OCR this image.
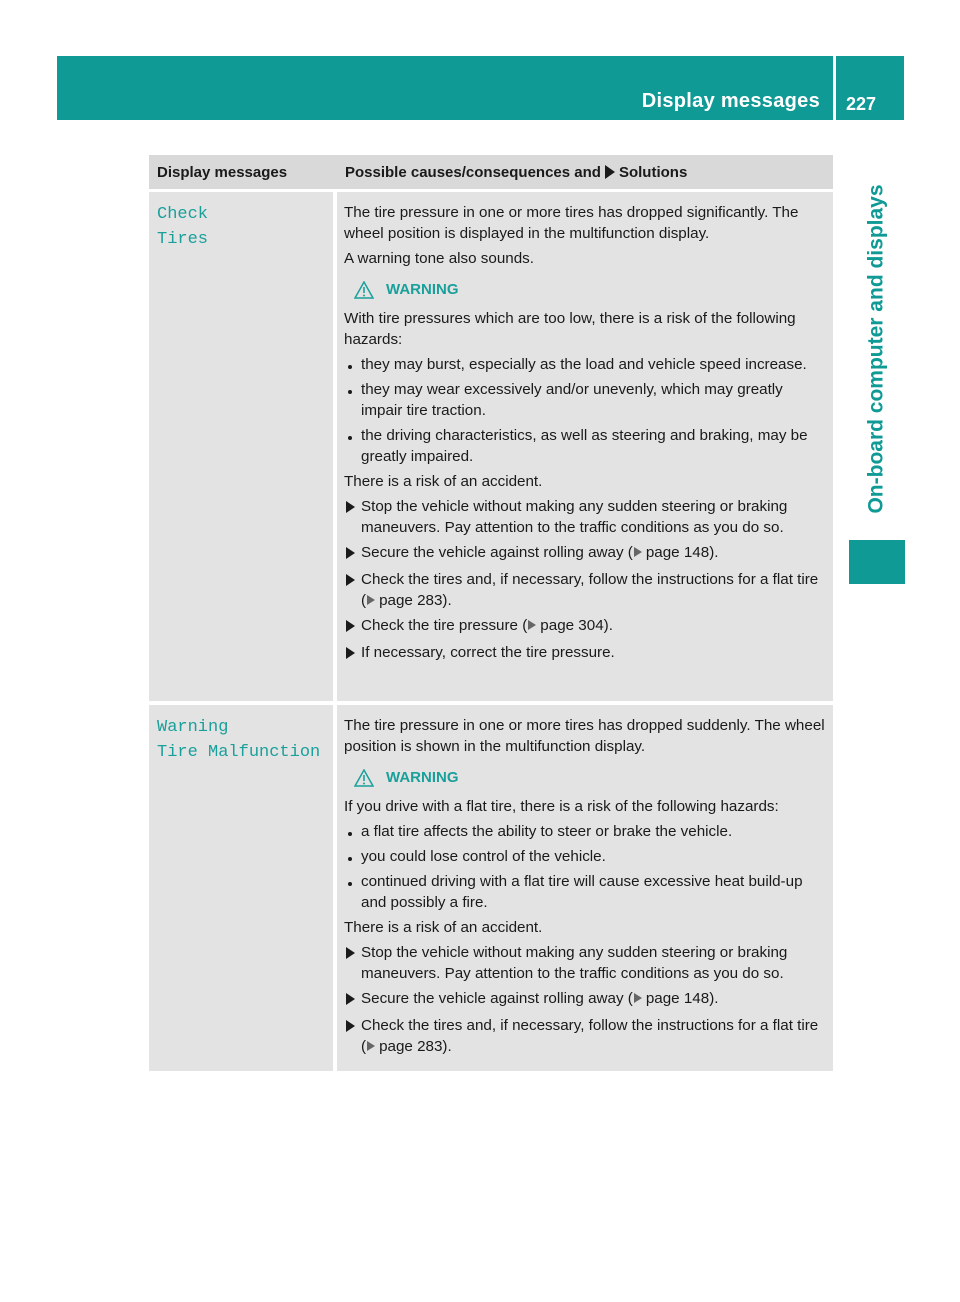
Display messages 227
On-board computer and displays
Display messages	Possible causes/consequences and Solutions
Check
Tires

The tire pressure in one or more tires has dropped significantly. The wheel position is displayed in the multifunction display.

A warning tone also sounds.

WARNING

With tire pressures which are too low, there is a risk of the following hazards:

they may burst, especially as the load and vehicle speed increase.
they may wear excessively and/or unevenly, which may greatly impair tire traction.
the driving characteristics, as well as steering and braking, may be greatly impaired.

There is a risk of an accident.

Stop the vehicle without making any sudden steering or braking maneuvers. Pay attention to the traffic conditions as you do so.
Secure the vehicle against rolling away ( page 148).
Check the tires and, if necessary, follow the instructions for a flat tire ( page 283).
Check the tire pressure ( page 304).
If necessary, correct the tire pressure.
Warning
Tire Malfunction

The tire pressure in one or more tires has dropped suddenly. The wheel position is shown in the multifunction display.

WARNING

If you drive with a flat tire, there is a risk of the following hazards:

a flat tire affects the ability to steer or brake the vehicle.
you could lose control of the vehicle.
continued driving with a flat tire will cause excessive heat build-up and possibly a fire.

There is a risk of an accident.

Stop the vehicle without making any sudden steering or braking maneuvers. Pay attention to the traffic conditions as you do so.
Secure the vehicle against rolling away ( page 148).
Check the tires and, if necessary, follow the instructions for a flat tire ( page 283).
